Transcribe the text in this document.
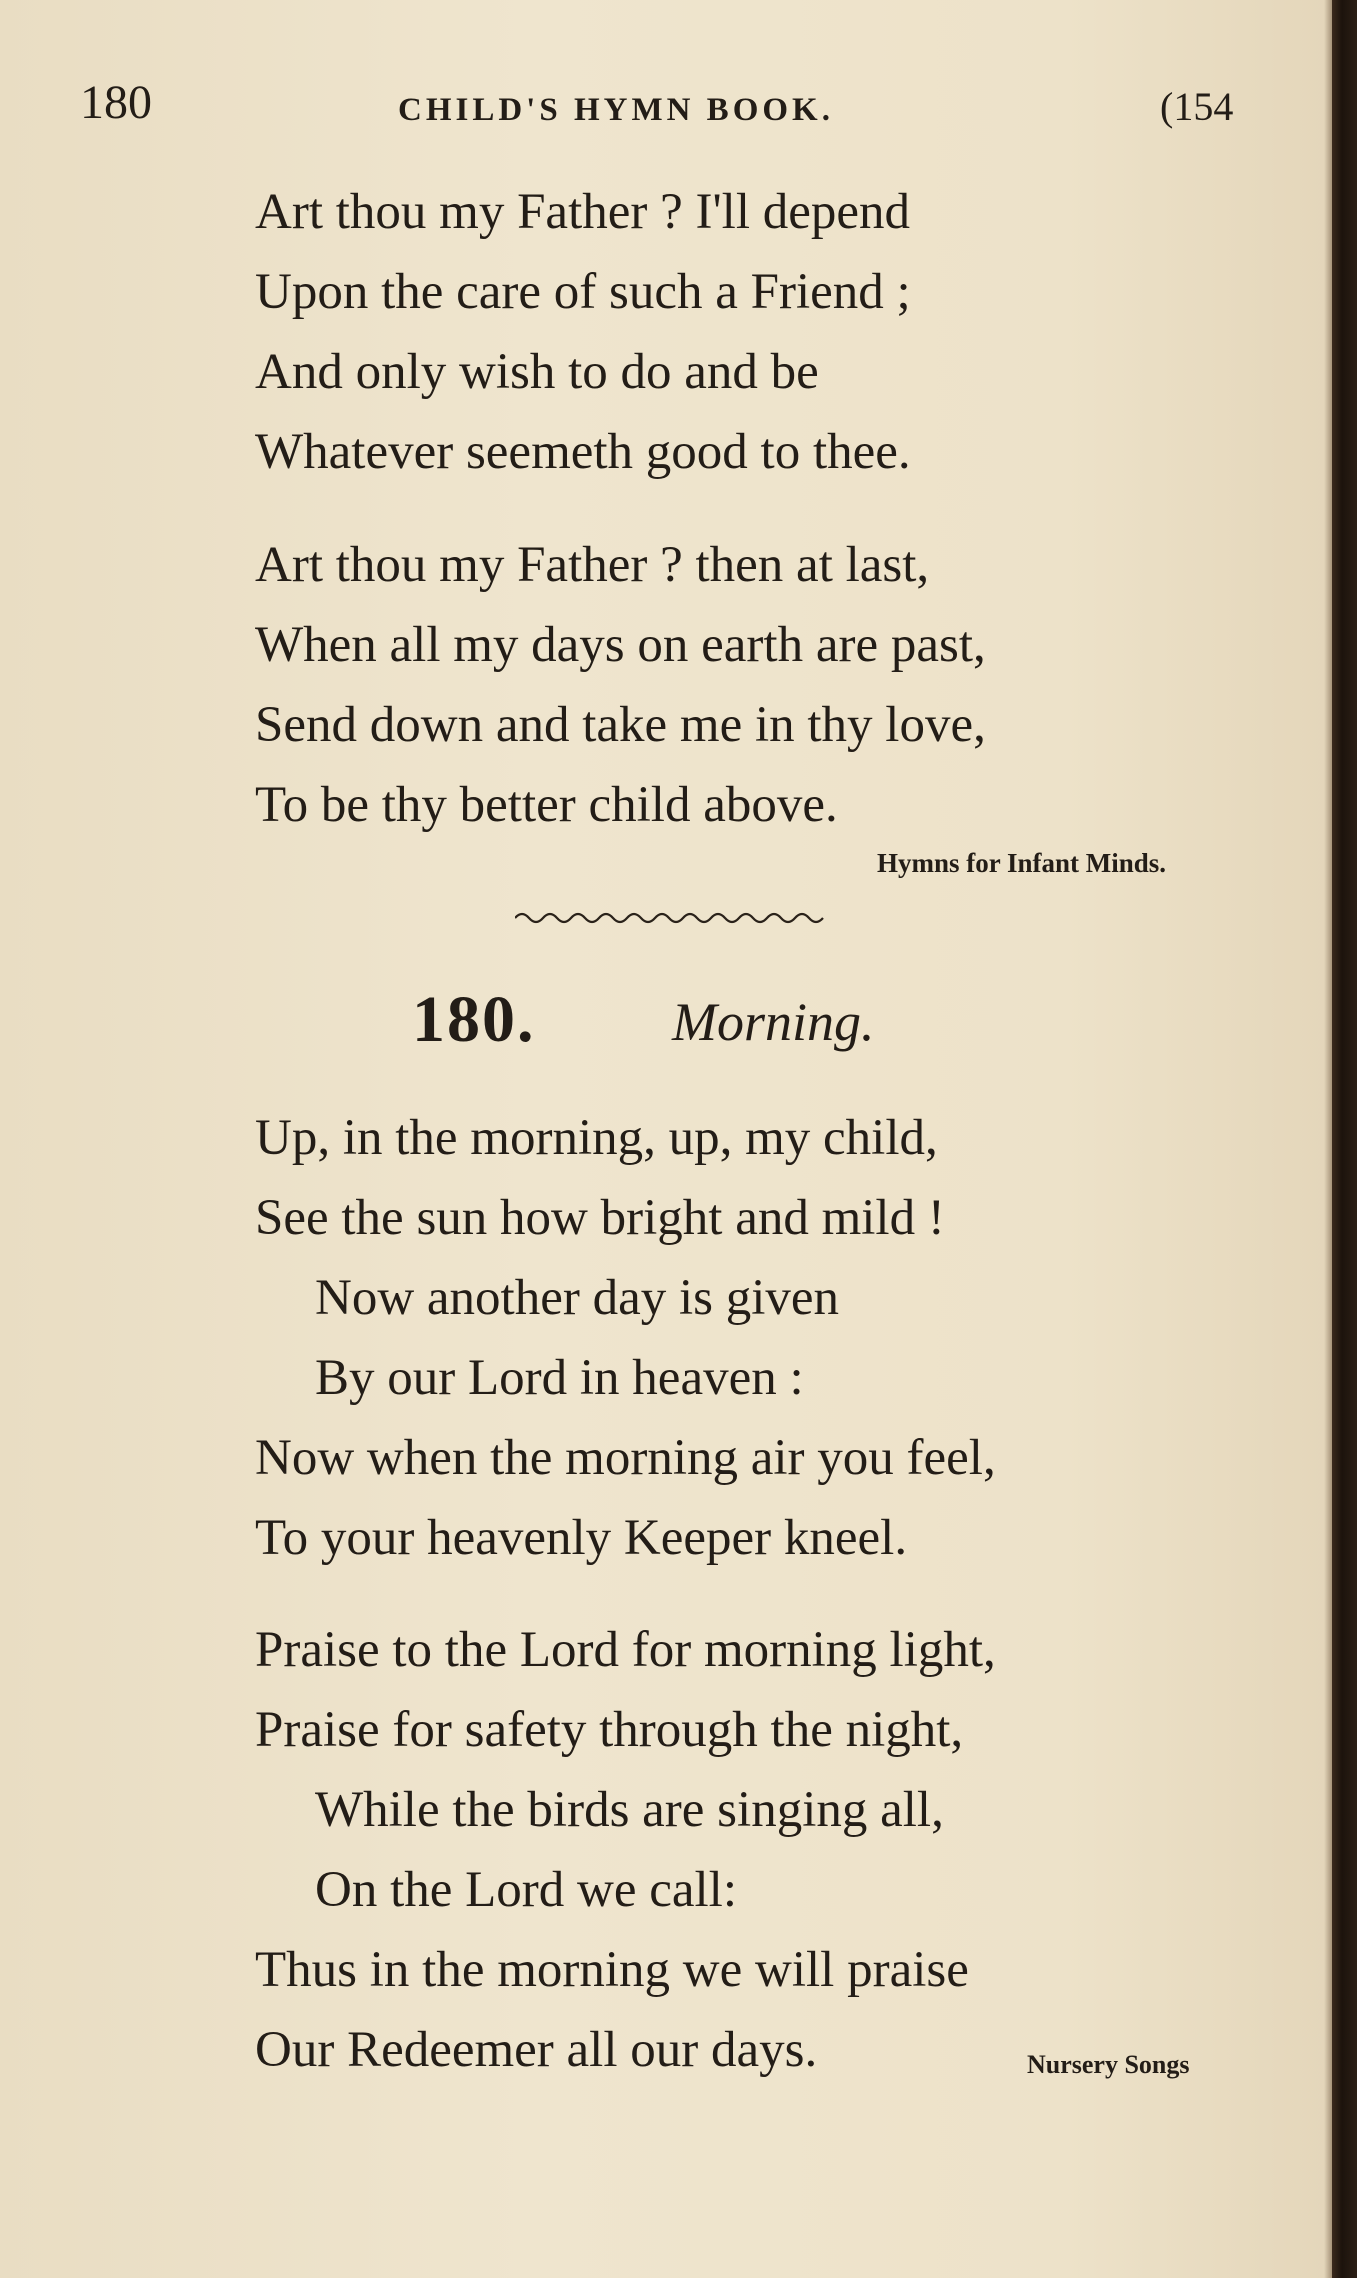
180	CHILD'S HYMN BOOK.	(154
Art thou my Father ? I'll depend
Upon the care of such a Friend ;
And only wish to do and be
Whatever seemeth good to thee.
Art thou my Father ? then at last,
When all my days on earth are past,
Send down and take me in thy love,
To be thy better child above.
Hymns for Infant Minds.
180.	Morning.
Up, in the morning, up, my child,
See the sun how bright and mild !
Now another day is given
By our Lord in heaven :
Now when the morning air you feel,
To your heavenly Keeper kneel.
Praise to the Lord for morning light,
Praise for safety through the night,
While the birds are singing all,
On the Lord we call:
Thus in the morning we will praise
Our Redeemer all our days.	Nursery Songs
